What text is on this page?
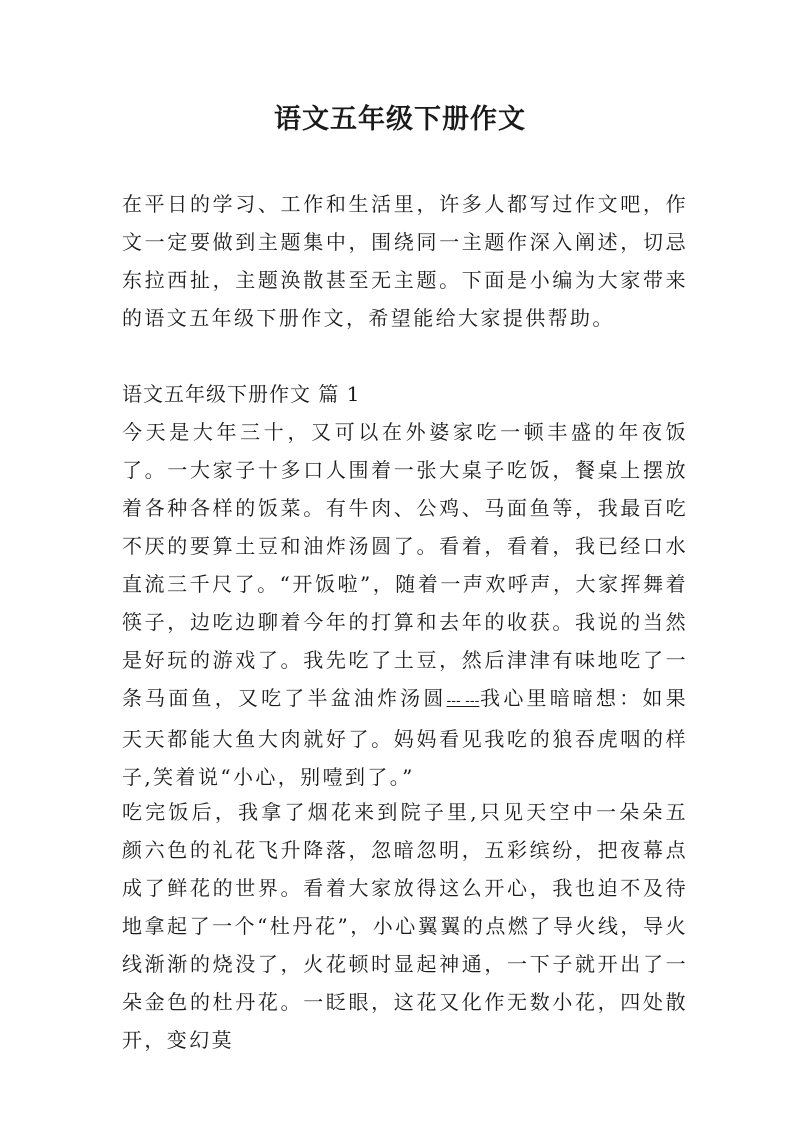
语文五年级下册作文

在平日的学习、工作和生活里，许多人都写过作文吧，作文一定要做到主题集中，围绕同一主题作深入阐述，切忌东拉西扯，主题涣散甚至无主题。下面是小编为大家带来的语文五年级下册作文，希望能给大家提供帮助。

语文五年级下册作文 篇 1

今天是大年三十，又可以在外婆家吃一顿丰盛的年夜饭了。一大家子十多口人围着一张大桌子吃饭，餐桌上摆放着各种各样的饭菜。有牛肉、公鸡、马面鱼等，我最百吃不厌的要算土豆和油炸汤圆了。看着，看着，我已经口水直流三千尺了。“开饭啦”，随着一声欢呼声，大家挥舞着筷子，边吃边聊着今年的打算和去年的收获。我说的当然是好玩的游戏了。我先吃了土豆，然后津津有味地吃了一条马面鱼，又吃了半盆油炸汤圆--- ---我心里暗暗想：如果天天都能大鱼大肉就好了。妈妈看见我吃的狼吞虎咽的样子,笑着说“小心，别噎到了。”

吃完饭后，我拿了烟花来到院子里,只见天空中一朵朵五颜六色的礼花飞升降落，忽暗忽明，五彩缤纷，把夜幕点成了鲜花的世界。看着大家放得这么开心，我也迫不及待地拿起了一个“杜丹花”，小心翼翼的点燃了导火线，导火线渐渐的烧没了，火花顿时显起神通，一下子就开出了一朵金色的杜丹花。一眨眼，这花又化作无数小花，四处散开，变幻莫
